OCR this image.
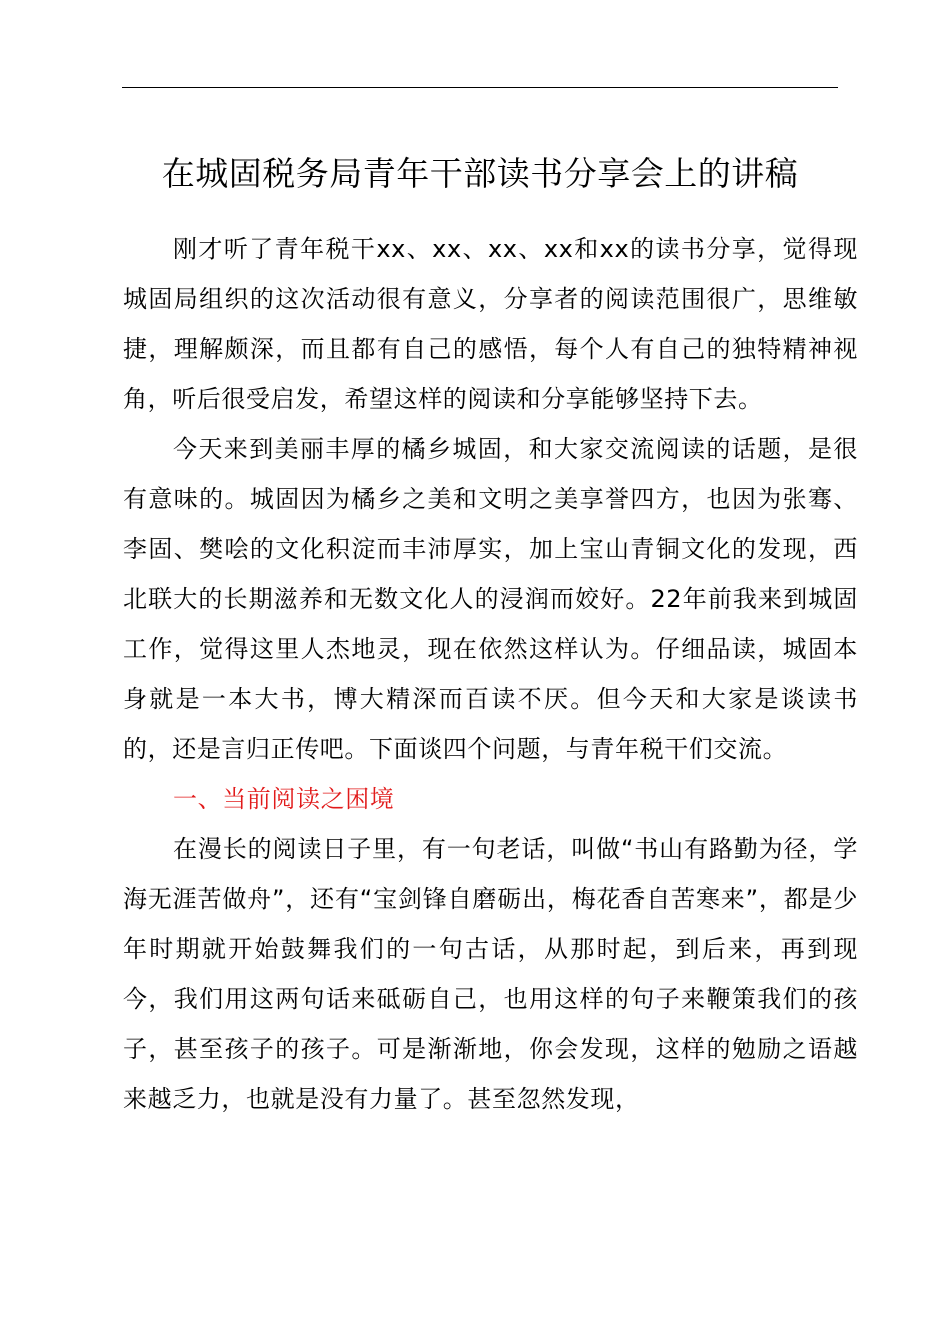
在城固税务局青年干部读书分享会上的讲稿

刚才听了青年税干xx、xx、xx、xx和xx的读书分享，觉得现城固局组织的这次活动很有意义，分享者的阅读范围很广，思维敏捷，理解颇深，而且都有自己的感悟，每个人有自己的独特精神视角，听后很受启发，希望这样的阅读和分享能够坚持下去。

今天来到美丽丰厚的橘乡城固，和大家交流阅读的话题，是很有意味的。城固因为橘乡之美和文明之美享誉四方，也因为张骞、李固、樊哙的文化积淀而丰沛厚实，加上宝山青铜文化的发现，西北联大的长期滋养和无数文化人的浸润而姣好。22年前我来到城固工作，觉得这里人杰地灵，现在依然这样认为。仔细品读，城固本身就是一本大书，博大精深而百读不厌。但今天和大家是谈读书的，还是言归正传吧。下面谈四个问题，与青年税干们交流。

一、当前阅读之困境

在漫长的阅读日子里，有一句老话，叫做“书山有路勤为径，学海无涯苦做舟”，还有“宝剑锋自磨砺出，梅花香自苦寒来”，都是少年时期就开始鼓舞我们的一句古话，从那时起，到后来，再到现今，我们用这两句话来砥砺自己，也用这样的句子来鞭策我们的孩子，甚至孩子的孩子。可是渐渐地，你会发现，这样的勉励之语越来越乏力，也就是没有力量了。甚至忽然发现，
